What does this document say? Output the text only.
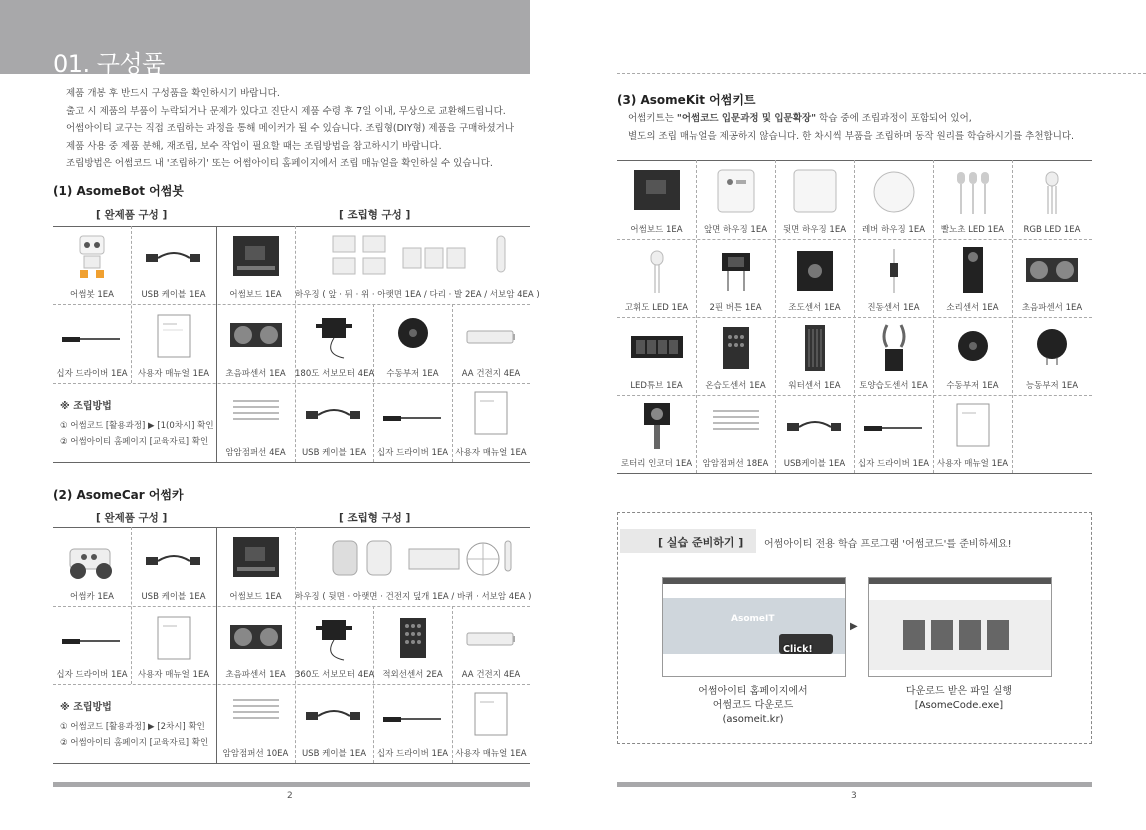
01. 구성품
제품 개봉 후 반드시 구성품을 확인하시기 바랍니다.
출고 시 제품의 부품이 누락되거나 문제가 있다고 진단시 제품 수령 후 7일 이내, 무상으로 교환해드립니다.
어썸아이티 교구는 직접 조립하는 과정을 통해 메이커가 될 수 있습니다. 조립형(DIY형) 제품을 구매하셨거나
제품 사용 중 제품 분해, 재조립, 보수 작업이 필요할 때는 조립방법을 참고하시기 바랍니다.
조립방법은 어썸코드 내 '조립하기' 또는 어썸아이티 홈페이지에서 조립 매뉴얼을 확인하실 수 있습니다.
(1) AsomeBot 어썸봇
[ 완제품 구성 ]	[ 조립형 구성 ]
어썸봇 1EA	USB 케이블 1EA	어썸보드 1EA	하우징 ( 앞 · 뒤 · 위 · 아랫면 1EA / 다리 · 발 2EA / 서보암 4EA )
십자 드라이버 1EA	사용자 매뉴얼 1EA	초음파센서 1EA	180도 서보모터 4EA	수동부저 1EA	AA 건전지 4EA
※ 조립방법
① 어썸코드 [활용과정] ▶ [1(0차시] 확인
② 어썸아이티 홈페이지 [교육자료] 확인
암암점퍼선 4EA	USB 케이블 1EA	십자 드라이버 1EA 사용자 매뉴얼 1EA
(2) AsomeCar 어썸카
[ 완제품 구성 ]	[ 조립형 구성 ]
어썸카 1EA	USB 케이블 1EA	어썸보드 1EA	하우징 ( 뒷면 · 아랫면 · 건전지 덮개 1EA / 바퀴 · 서보암 4EA )
십자 드라이버 1EA	사용자 매뉴얼 1EA	초음파센서 1EA	360도 서보모터 4EA 적외선센서 2EA	AA 건전지 4EA
※ 조립방법
① 어썸코드 [활용과정] ▶ [2차시] 확인
② 어썸아이티 홈페이지 [교육자료] 확인
암암점퍼선 10EA	USB 케이블 1EA	십자 드라이버 1EA 사용자 매뉴얼 1EA
2
(3) AsomeKit 어썸키트
어썸키트는 "어썸코드 입문과정 및 입문확장" 학습 중에 조립과정이 포함되어 있어,
별도의 조립 매뉴얼을 제공하지 않습니다. 한 차시씩 부품을 조립하며 동작 원리를 학습하시기를 추천합니다.
어썸보드 1EA	앞면 하우징 1EA	뒷면 하우징 1EA	레버 하우징 1EA	빨노초 LED 1EA	RGB LED 1EA
고휘도 LED 1EA	2핀 버튼 1EA	조도센서 1EA	진동센서 1EA	소리센서 1EA	초음파센서 1EA
LED튜브 1EA	온습도센서 1EA	워터센서 1EA	토양습도센서 1EA	수동부저 1EA	능동부저 1EA
로터리 인코더 1EA	암암점퍼선 18EA	USB케이블 1EA	십자 드라이버 1EA 사용자 매뉴얼 1EA
[ 실습 준비하기 ] 어썸아이티 전용 학습 프로그램 '어썸코드'를 준비하세요!
AsomeIT
Click!
▶
어썸아이티 홈페이지에서
어썸코드 다운로드
(asomeit.kr)
다운로드 받은 파일 실행
[AsomeCode.exe]
3
